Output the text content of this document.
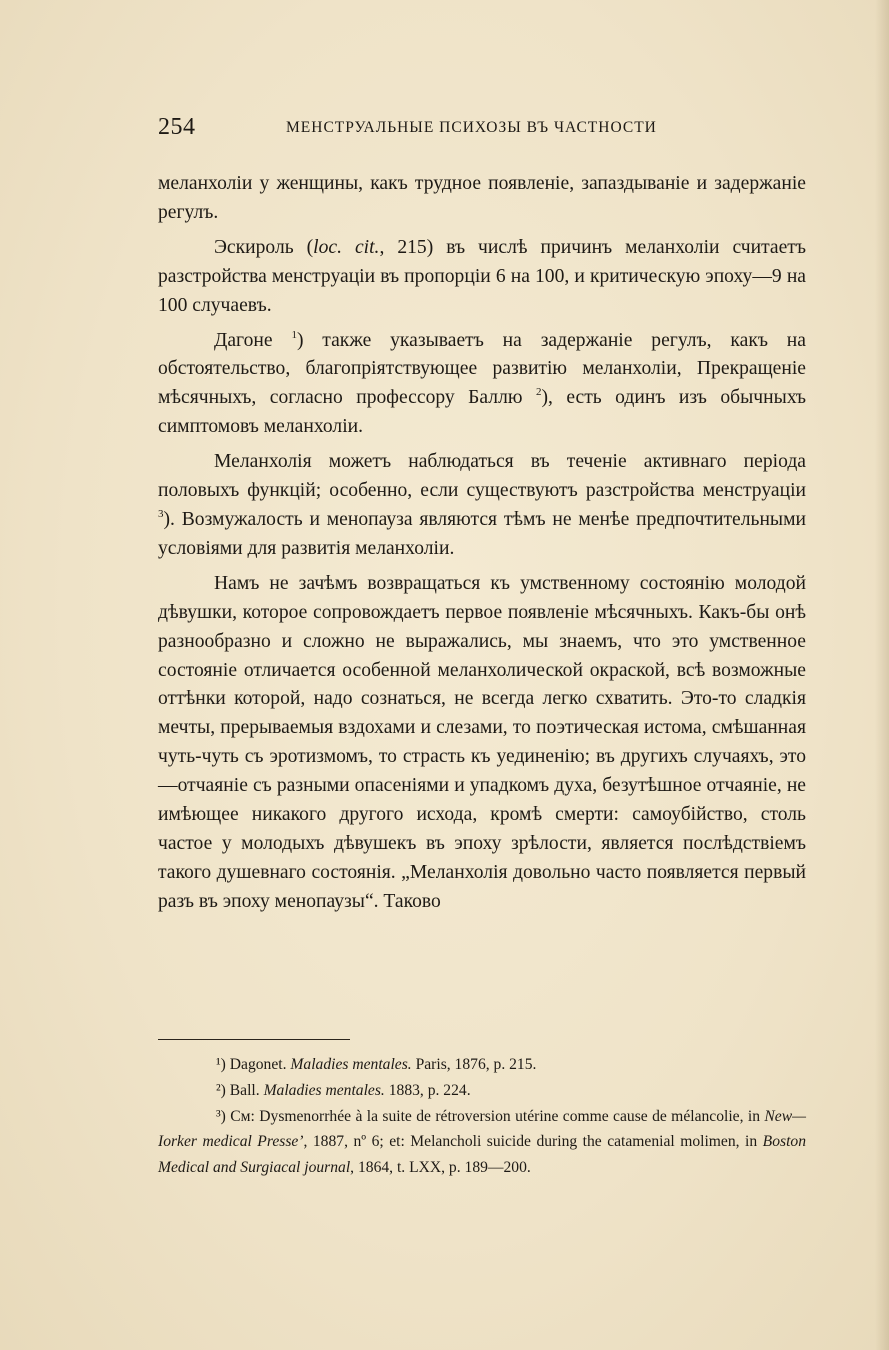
254	МЕНСТРУАЛЬНЫЕ ПСИХОЗЫ ВЪ ЧАСТНОСТИ

меланхоліи у женщины, какъ трудное появленіе, запаздываніе и задержаніе регулъ.

Эскироль (loc. cit., 215) въ числѣ причинъ меланхоліи считаетъ разстройства менструаціи въ пропорціи 6 на 100, и критическую эпоху—9 на 100 случаевъ.

Дагоне $^1$) также указываетъ на задержаніе регулъ, какъ на обстоятельство, благопріятствующее развитію меланхоліи, Прекращеніе мѣсячныхъ, согласно профессору Баллю $^2$), есть одинъ изъ обычныхъ симптомовъ меланхоліи.

Меланхолія можетъ наблюдаться въ теченіе активнаго періода половыхъ функцій; особенно, если существуютъ разстройства менструаціи $^3$). Возмужалость и менопауза являются тѣмъ не менѣе предпочтительными условіями для развитія меланхоліи.

Намъ не зачѣмъ возвращаться къ умственному состоянію молодой дѣвушки, которое сопровождаетъ первое появленіе мѣсячныхъ. Какъ-бы онѣ разнообразно и сложно не выражались, мы знаемъ, что это умственное состояніе отличается особенной меланхолической окраской, всѣ возможные оттѣнки которой, надо сознаться, не всегда легко схватить. Это-то сладкія мечты, прерываемыя вздохами и слезами, то поэтическая истома, смѣшанная чуть-чуть съ эротизмомъ, то страсть къ уединенію; въ другихъ случаяхъ, это—отчаяніе съ разными опасеніями и упадкомъ духа, безутѣшное отчаяніе, не имѣющее никакого другого исхода, кромѣ смерти: самоубійство, столь частое у молодыхъ дѣвушекъ въ эпоху зрѣлости, является послѣдствіемъ такого душевнаго состоянія. „Меланхолія довольно часто появляется первый разъ въ эпоху менопаузы“. Таково

¹) Dagonet. Maladies mentales. Paris, 1876, p. 215.

²) Ball. Maladies mentales. 1883, p. 224.

³) Cм: Dysmenorrhée à la suite de rétroversion utérine comme cause de mélancolie, in New—Iorker medical Presse’, 1887, nº 6; et: Melancholi suicide during the catamenial molimen, in Boston Medical and Surgiacal journal, 1864, t. LXX, p. 189—200.
